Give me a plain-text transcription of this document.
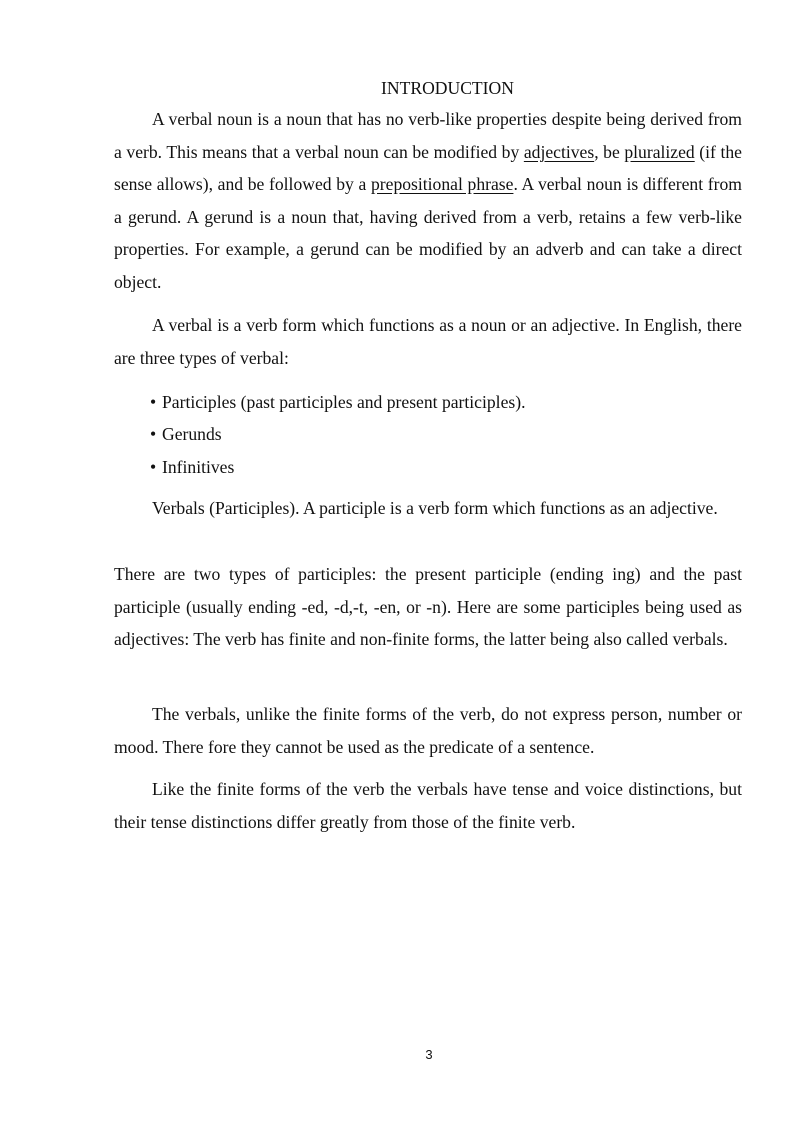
INTRODUCTION

A verbal noun is a noun that has no verb-like properties despite being derived from a verb. This means that a verbal noun can be modified by adjectives, be pluralized (if the sense allows), and be followed by a prepositional phrase. A verbal noun is different from a gerund. A gerund is a noun that, having derived from a verb, retains a few verb-like properties. For example, a gerund can be modified by an adverb and can take a direct object.

A verbal is a verb form which functions as a noun or an adjective. In English, there are three types of verbal:

• Participles (past participles and present participles).
• Gerunds
• Infinitives

Verbals (Participles). A participle is a verb form which functions as an adjective.

There are two types of participles: the present participle (ending ing) and the past participle (usually ending -ed, -d,-t, -en, or -n). Here are some participles being used as adjectives: The verb has finite and non-finite forms, the latter being also called verbals.

The verbals, unlike the finite forms of the verb, do not express person, number or mood. There fore they cannot be used as the predicate of a sentence.

Like the finite forms of the verb the verbals have tense and voice distinctions, but their tense distinctions differ greatly from those of the finite verb.

3
